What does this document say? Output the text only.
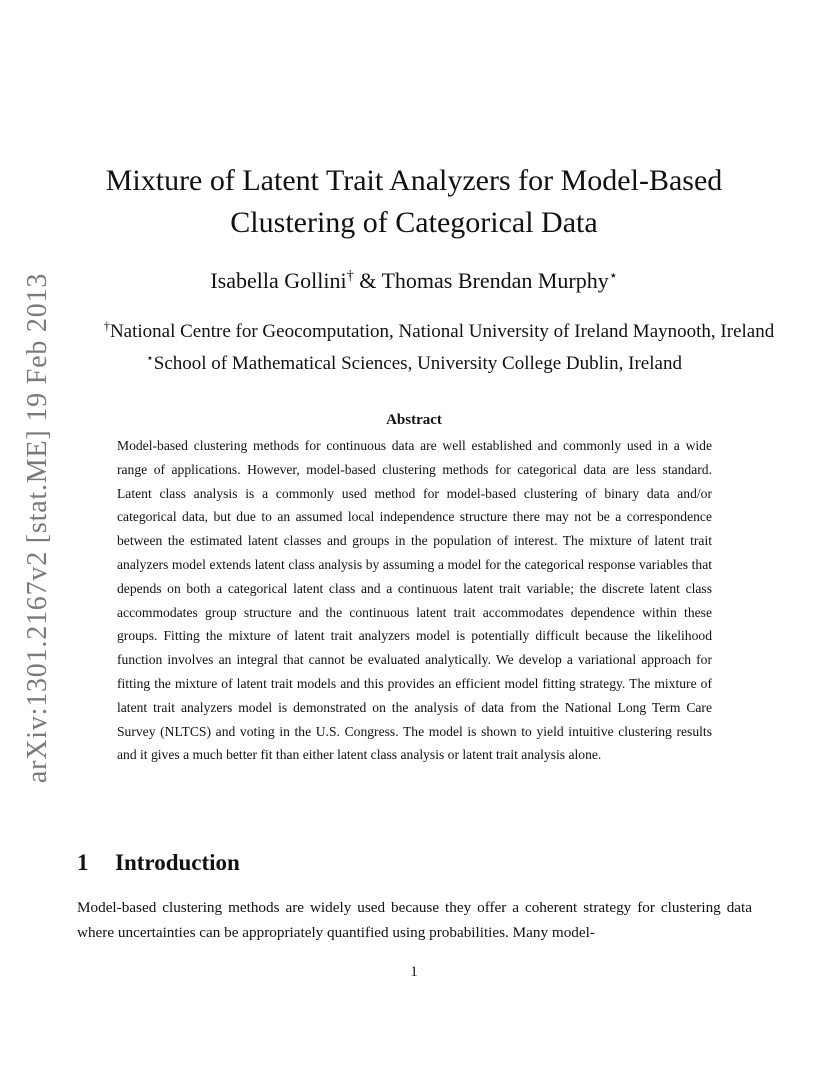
arXiv:1301.2167v2 [stat.ME] 19 Feb 2013
Mixture of Latent Trait Analyzers for Model-Based
Clustering of Categorical Data
Isabella Gollini† & Thomas Brendan Murphy⋆
†National Centre for Geocomputation, National University of Ireland Maynooth, Ireland
⋆School of Mathematical Sciences, University College Dublin, Ireland
Abstract

Model-based clustering methods for continuous data are well established and commonly used in a wide range of applications. However, model-based clustering methods for categorical data are less standard. Latent class analysis is a commonly used method for model-based clustering of binary data and/or categorical data, but due to an assumed local independence structure there may not be a correspondence between the estimated latent classes and groups in the population of interest. The mixture of latent trait analyzers model extends latent class analysis by assuming a model for the categorical response variables that depends on both a categorical latent class and a continuous latent trait variable; the discrete latent class accommodates group structure and the continuous latent trait accommodates dependence within these groups. Fitting the mixture of latent trait analyzers model is potentially difficult because the likelihood function involves an integral that cannot be evaluated analytically. We develop a variational approach for fitting the mixture of latent trait models and this provides an efficient model fitting strategy. The mixture of latent trait analyzers model is demonstrated on the analysis of data from the National Long Term Care Survey (NLTCS) and voting in the U.S. Congress. The model is shown to yield intuitive clustering results and it gives a much better fit than either latent class analysis or latent trait analysis alone.

1 Introduction

Model-based clustering methods are widely used because they offer a coherent strategy for clustering data where uncertainties can be appropriately quantified using probabilities. Many model-

1
